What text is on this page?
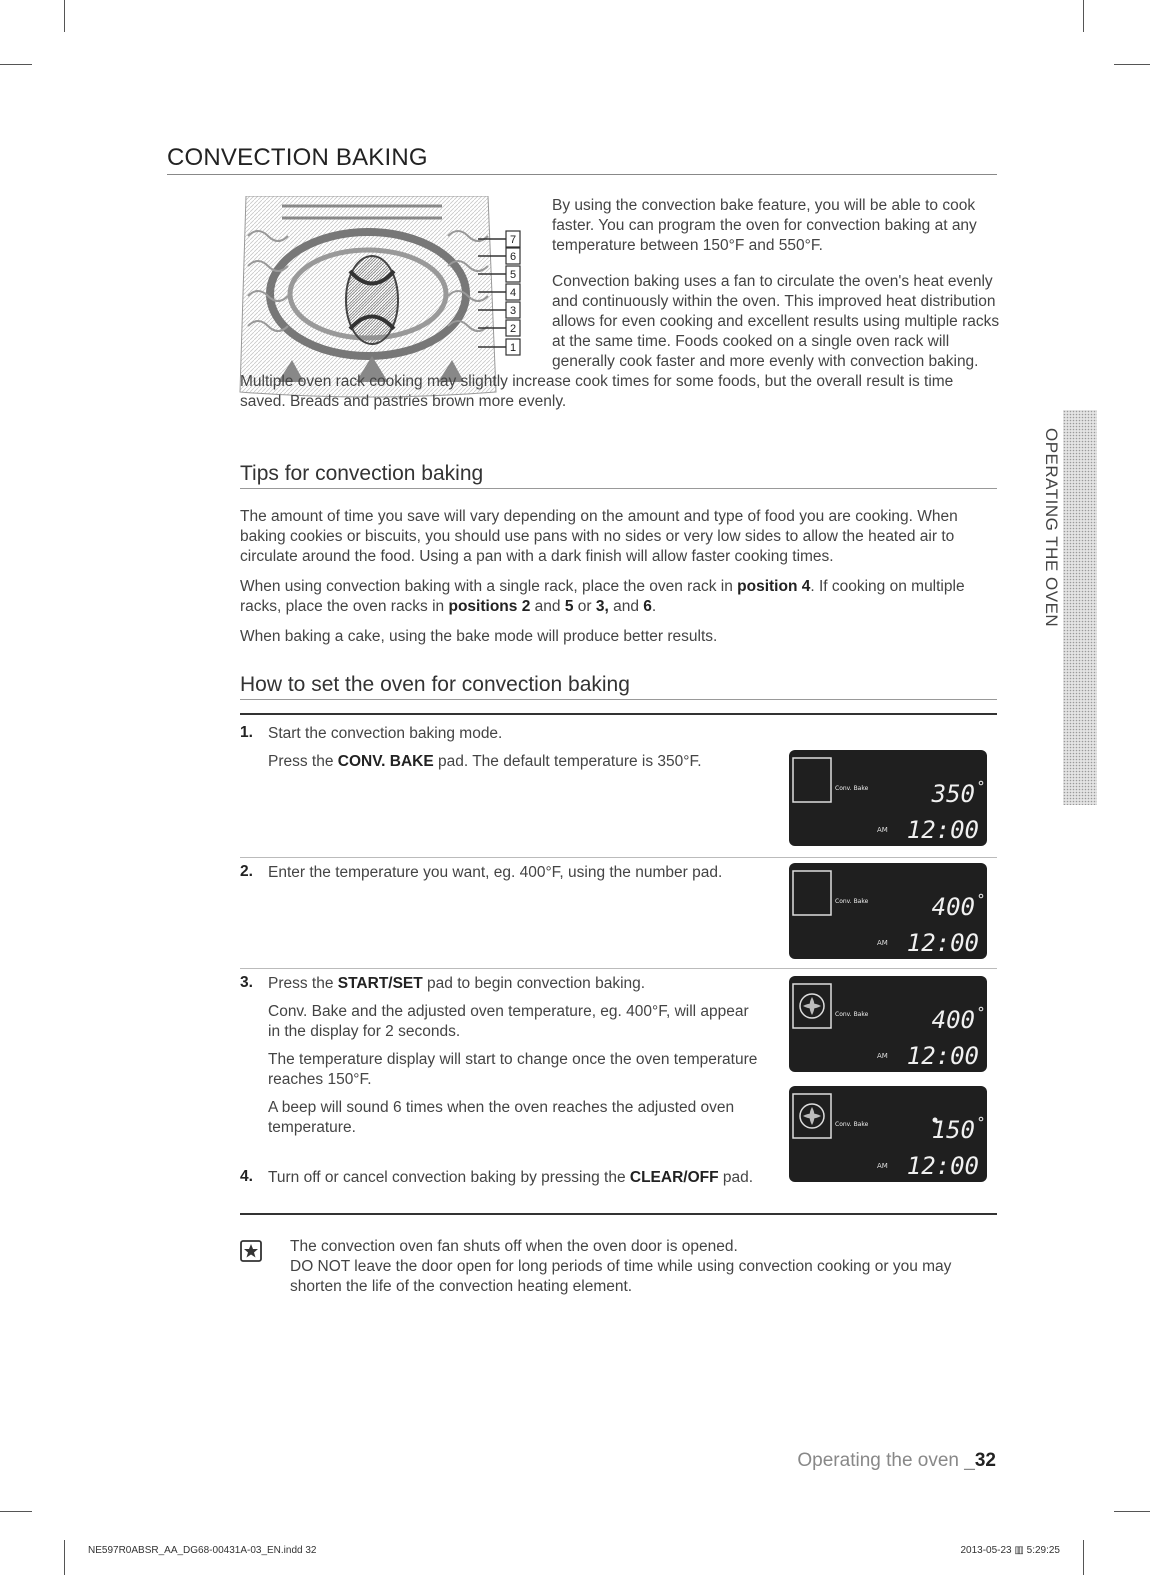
CONVECTION BAKING
7
6
5
4
3
2
1

By using the convection bake feature, you will be able to cook faster. You can program the oven for convection baking at any temperature between 150°F and 550°F.

Convection baking uses a fan to circulate the oven's heat evenly and continuously within the oven. This improved heat distribution allows for even cooking and excellent results using multiple racks at the same time. Foods cooked on a single oven rack will generally cook faster and more evenly with convection baking. Multiple oven rack cooking may slightly increase cook times for some foods, but the overall result is time saved. Breads and pastries brown more evenly.

Tips for convection baking

The amount of time you save will vary depending on the amount and type of food you are cooking. When baking cookies or biscuits, you should use pans with no sides or very low sides to allow the heated air to circulate around the food. Using a pan with a dark finish will allow faster cooking times.

When using convection baking with a single rack, place the oven rack in position 4. If cooking on multiple racks, place the oven racks in positions 2 and 5 or 3, and 6.

When baking a cake, using the bake mode will produce better results.

How to set the oven for convection baking
1. Start the convection baking mode.

Press the CONV. BAKE pad. The default temperature is 350°F.

2. Enter the temperature you want, eg. 400°F, using the number pad.

3. Press the START/SET pad to begin convection baking.

Conv. Bake and the adjusted oven temperature, eg. 400°F, will appear in the display for 2 seconds.

The temperature display will start to change once the oven temperature reaches 150°F.

A beep will sound 6 times when the oven reaches the adjusted oven temperature.

4. Turn off or cancel convection baking by pressing the CLEAR/OFF pad.

Conv. Bake	350
AM 12:00
Conv. Bake	400
AM 12:00
Conv. Bake	400
AM 12:00
Conv. Bake	150
AM 12:00

The convection oven fan shuts off when the oven door is opened.

DO NOT leave the door open for long periods of time while using convection cooking or you may shorten the life of the convection heating element.

OPERATING THE OVEN
Operating the oven _32
NE597R0ABSR_AA_DG68-00431A-03_EN.indd 32	2013-05-23 ▥ 5:29:25
